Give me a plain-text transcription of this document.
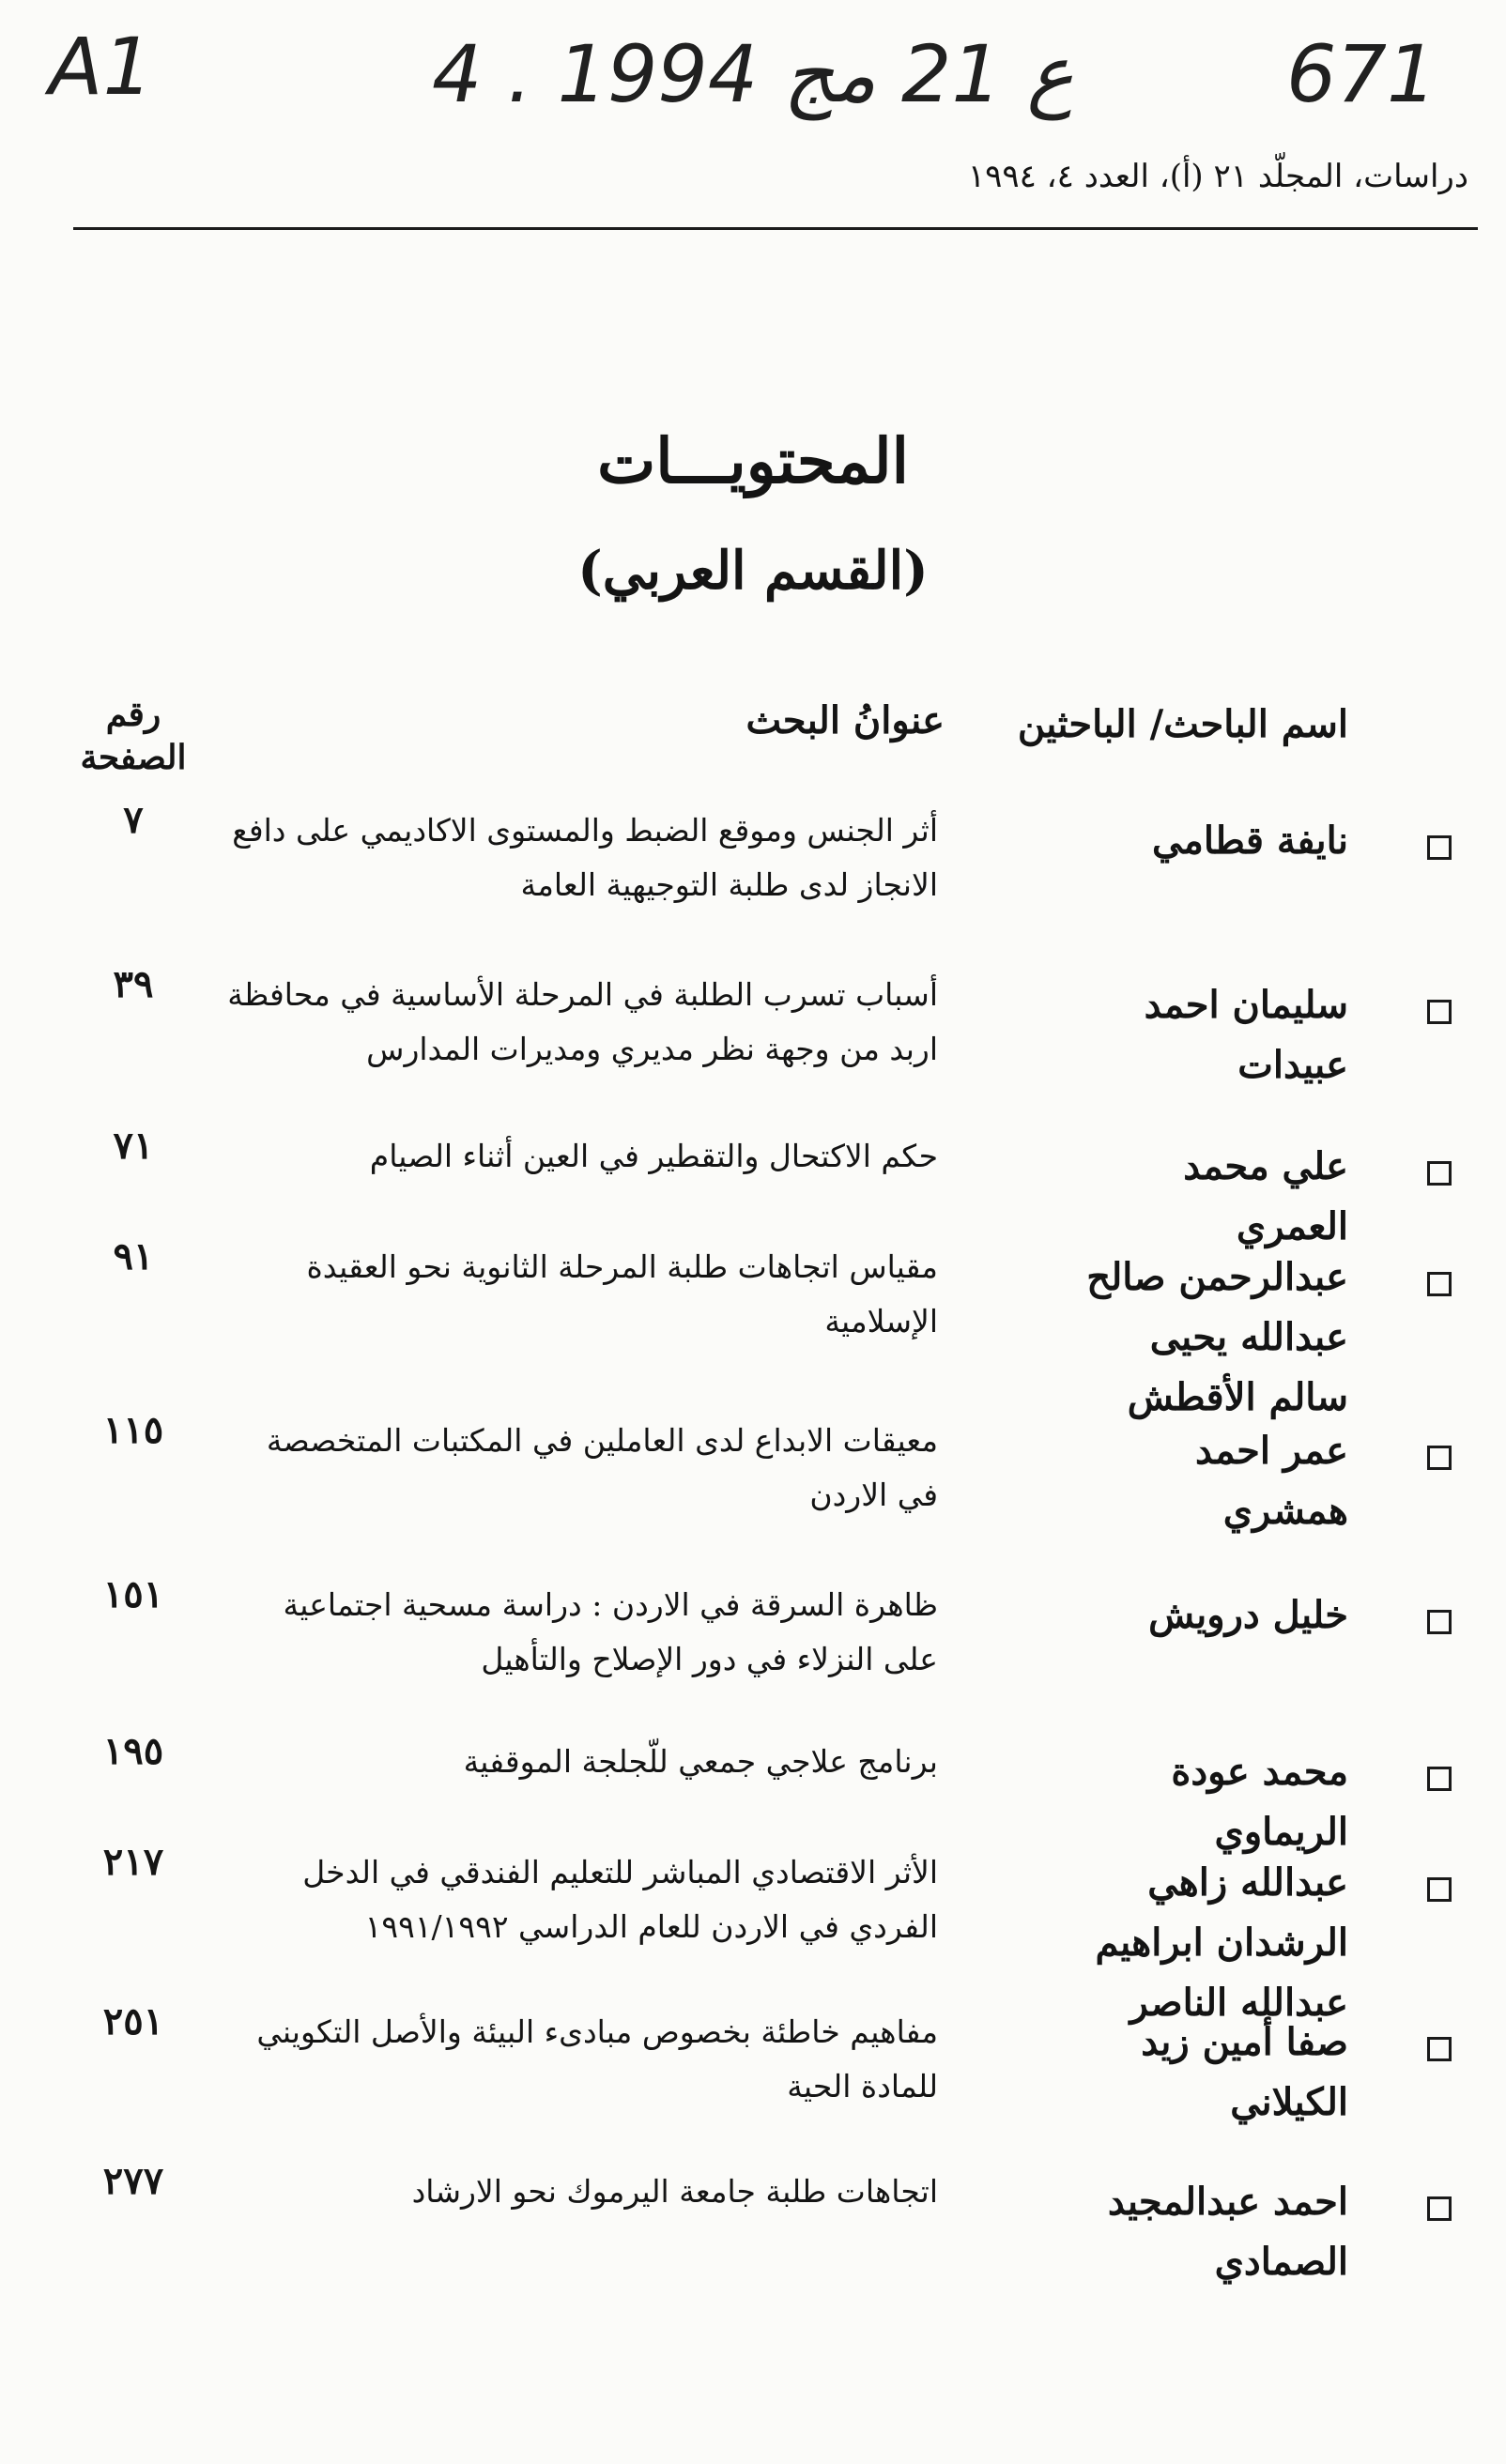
A1	4 . ع 21 مج 1994	671
دراسات، المجلّد ٢١ (أ)، العدد ٤، ١٩٩٤
المحتويـــات
(القسم العربي)
اسم الباحث/ الباحثين
عنوانُ البحث
رقم
الصفحة
نايفة قطامي
أثر الجنس وموقع الضبط والمستوى الاكاديمي على دافع الانجاز لدى طلبة التوجيهية العامة
٧
سليمان احمد عبيدات
أسباب تسرب الطلبة في المرحلة الأساسية في محافظة اربد من وجهة نظر مديري ومديرات المدارس
٣٩
علي محمد العمري
حكم الاكتحال والتقطير في العين أثناء الصيام
٧١
عبدالرحمن صالح عبدالله يحيى سالم الأقطش
مقياس اتجاهات طلبة المرحلة الثانوية نحو العقيدة الإسلامية
٩١
عمر احمد همشري
معيقات الابداع لدى العاملين في المكتبات المتخصصة في الاردن
١١٥
خليل درويش
ظاهرة السرقة في الاردن : دراسة مسحية اجتماعية على النزلاء في دور الإصلاح والتأهيل
١٥١
محمد عودة الريماوي
برنامج علاجي جمعي للّجلجة الموقفية
١٩٥
عبدالله زاهي الرشدان ابراهيم عبدالله الناصر
الأثر الاقتصادي المباشر للتعليم الفندقي في الدخل الفردي في الاردن للعام الدراسي ١٩٩١/١٩٩٢
٢١٧
صفا أمين زيد الكيلاني
مفاهيم خاطئة بخصوص مبادىء البيئة والأصل التكويني للمادة الحية
٢٥١
احمد عبدالمجيد الصمادي
اتجاهات طلبة جامعة اليرموك نحو الارشاد
٢٧٧
